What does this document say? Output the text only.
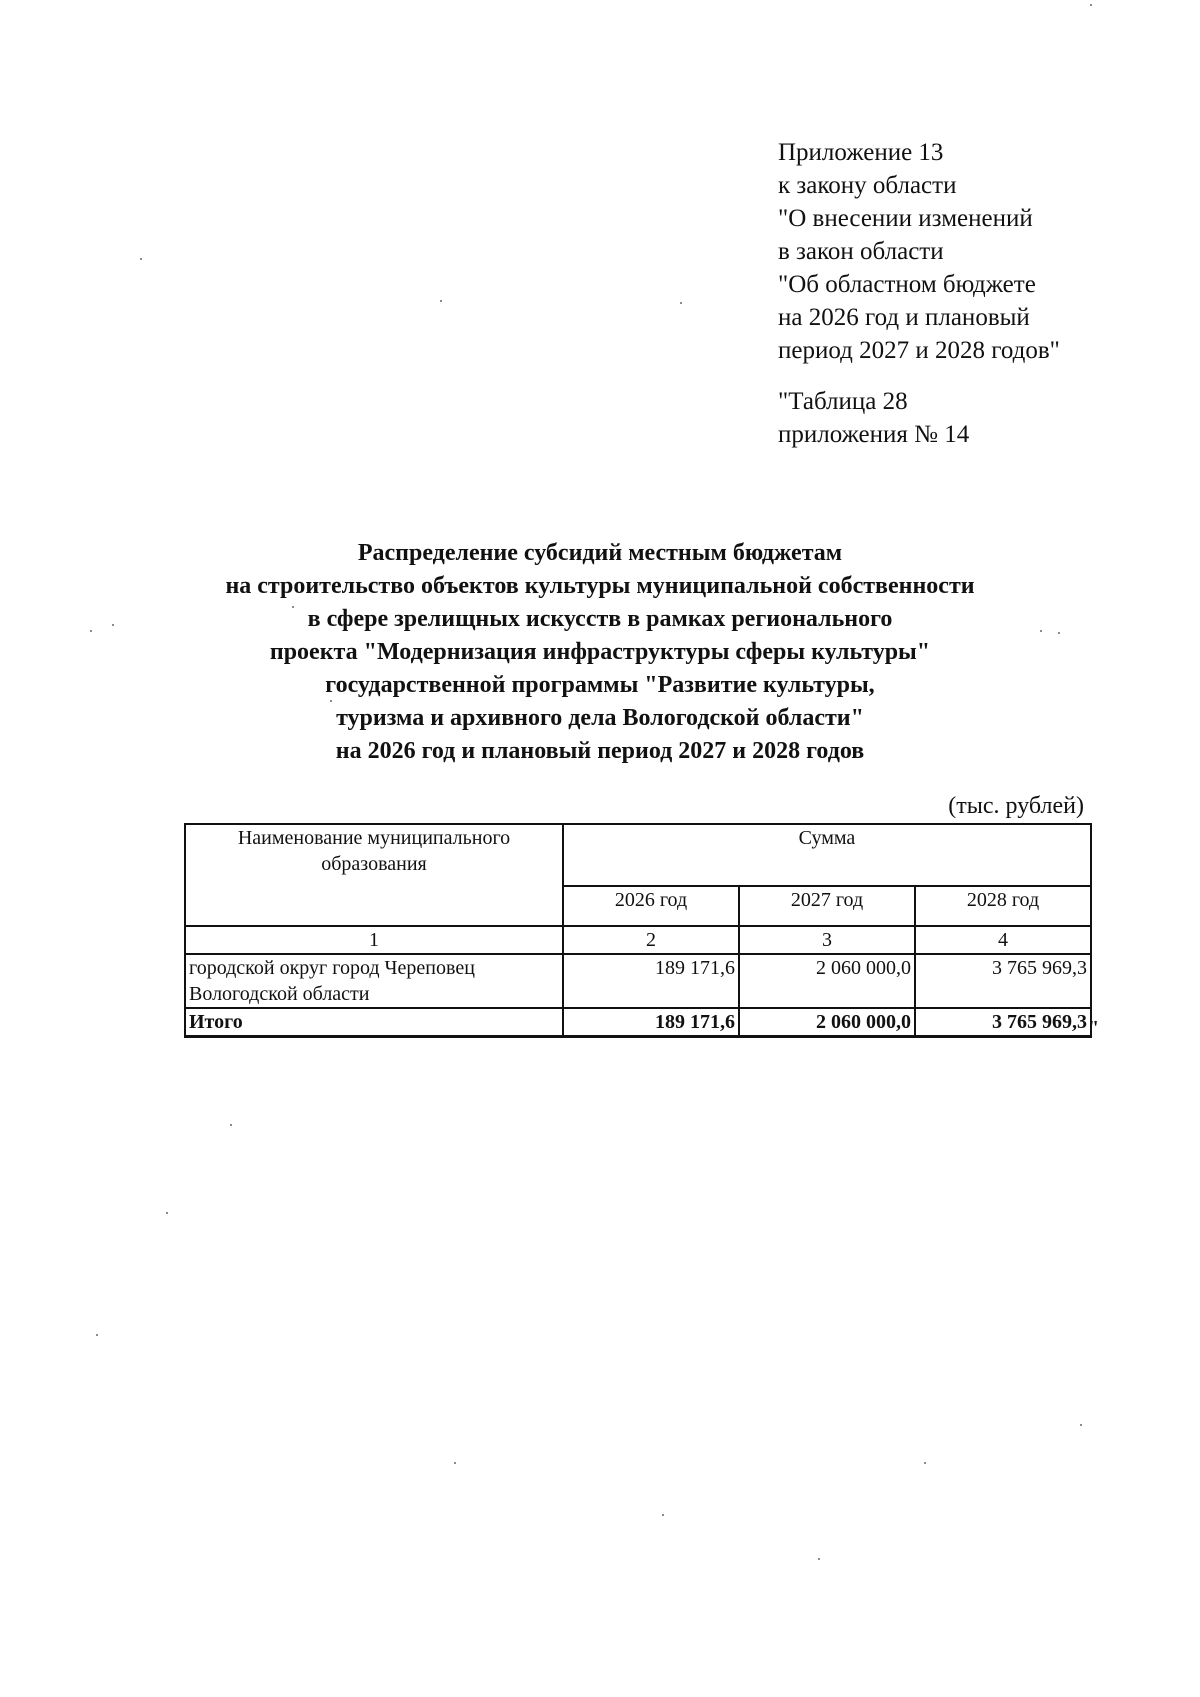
Приложение 13

к закону области

"О внесении изменений

в закон области

"Об областном бюджете

на 2026 год и плановый

период 2027 и 2028 годов"

"Таблица 28

приложения № 14

Распределение субсидий местным бюджетам

на строительство объектов культуры муниципальной собственности

в сфере зрелищных искусств в рамках регионального

проекта "Модернизация инфраструктуры сферы культуры"

государственной программы "Развитие культуры,

туризма и архивного дела Вологодской области"

на 2026 год и плановый период 2027 и 2028 годов

(тыс. рублей)
Наименование муниципального образования	Сумма		
	2026 год	2027 год	2028 год
1	2	3	4
городской округ город Череповец Вологодской области	189 171,6	2 060 000,0	3 765 969,3
Итого	189 171,6	2 060 000,0	3 765 969,3 "
